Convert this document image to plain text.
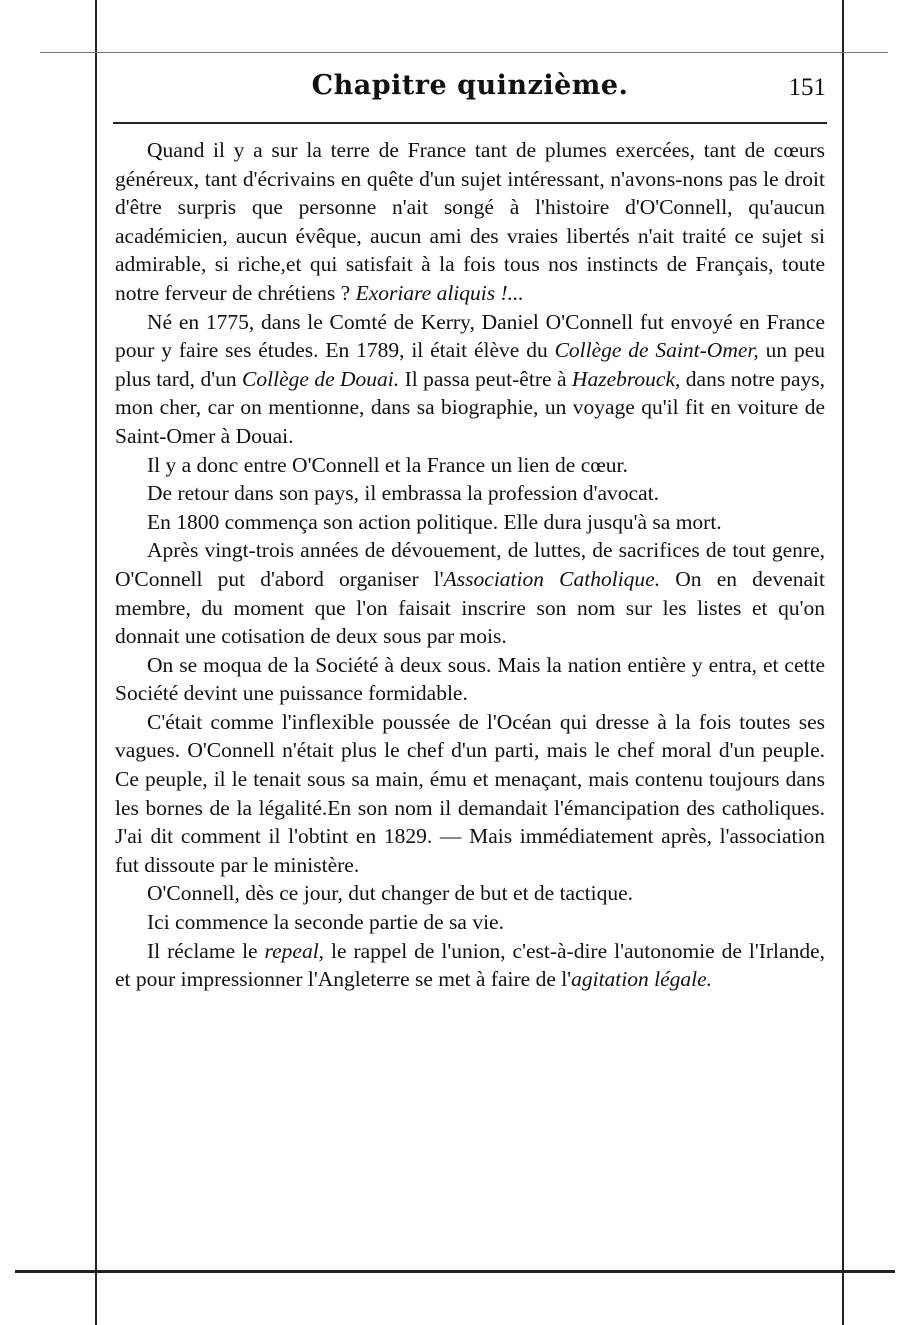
Chapitre quinzième.	151

Quand il y a sur la terre de France tant de plumes exercées, tant de cœurs généreux, tant d'écrivains en quête d'un sujet intéressant, n'avons-nons pas le droit d'être surpris que personne n'ait songé à l'histoire d'O'Connell, qu'aucun académicien, aucun évêque, aucun ami des vraies libertés n'ait traité ce sujet si admirable, si riche,et qui satisfait à la fois tous nos instincts de Français, toute notre ferveur de chrétiens ? Exoriare aliquis !...

Né en 1775, dans le Comté de Kerry, Daniel O'Connell fut envoyé en France pour y faire ses études. En 1789, il était élève du Collège de Saint-Omer, un peu plus tard, d'un Collège de Douai. Il passa peut-être à Hazebrouck, dans notre pays, mon cher, car on mentionne, dans sa biographie, un voyage qu'il fit en voiture de Saint-Omer à Douai.

Il y a donc entre O'Connell et la France un lien de cœur.

De retour dans son pays, il embrassa la profession d'avocat.

En 1800 commença son action politique. Elle dura jusqu'à sa mort.

Après vingt-trois années de dévouement, de luttes, de sacrifices de tout genre, O'Connell put d'abord organiser l'Association Catholique. On en devenait membre, du moment que l'on faisait inscrire son nom sur les listes et qu'on donnait une cotisation de deux sous par mois.

On se moqua de la Société à deux sous. Mais la nation entière y entra, et cette Société devint une puissance formidable.

C'était comme l'inflexible poussée de l'Océan qui dresse à la fois toutes ses vagues. O'Connell n'était plus le chef d'un parti, mais le chef moral d'un peuple. Ce peuple, il le tenait sous sa main, ému et menaçant, mais contenu toujours dans les bornes de la légalité.En son nom il demandait l'émancipation des catholiques. J'ai dit comment il l'obtint en 1829. — Mais immédiatement après, l'association fut dissoute par le ministère.

O'Connell, dès ce jour, dut changer de but et de tactique.

Ici commence la seconde partie de sa vie.

Il réclame le repeal, le rappel de l'union, c'est-à-dire l'autonomie de l'Irlande, et pour impressionner l'Angleterre se met à faire de l'agitation légale.
